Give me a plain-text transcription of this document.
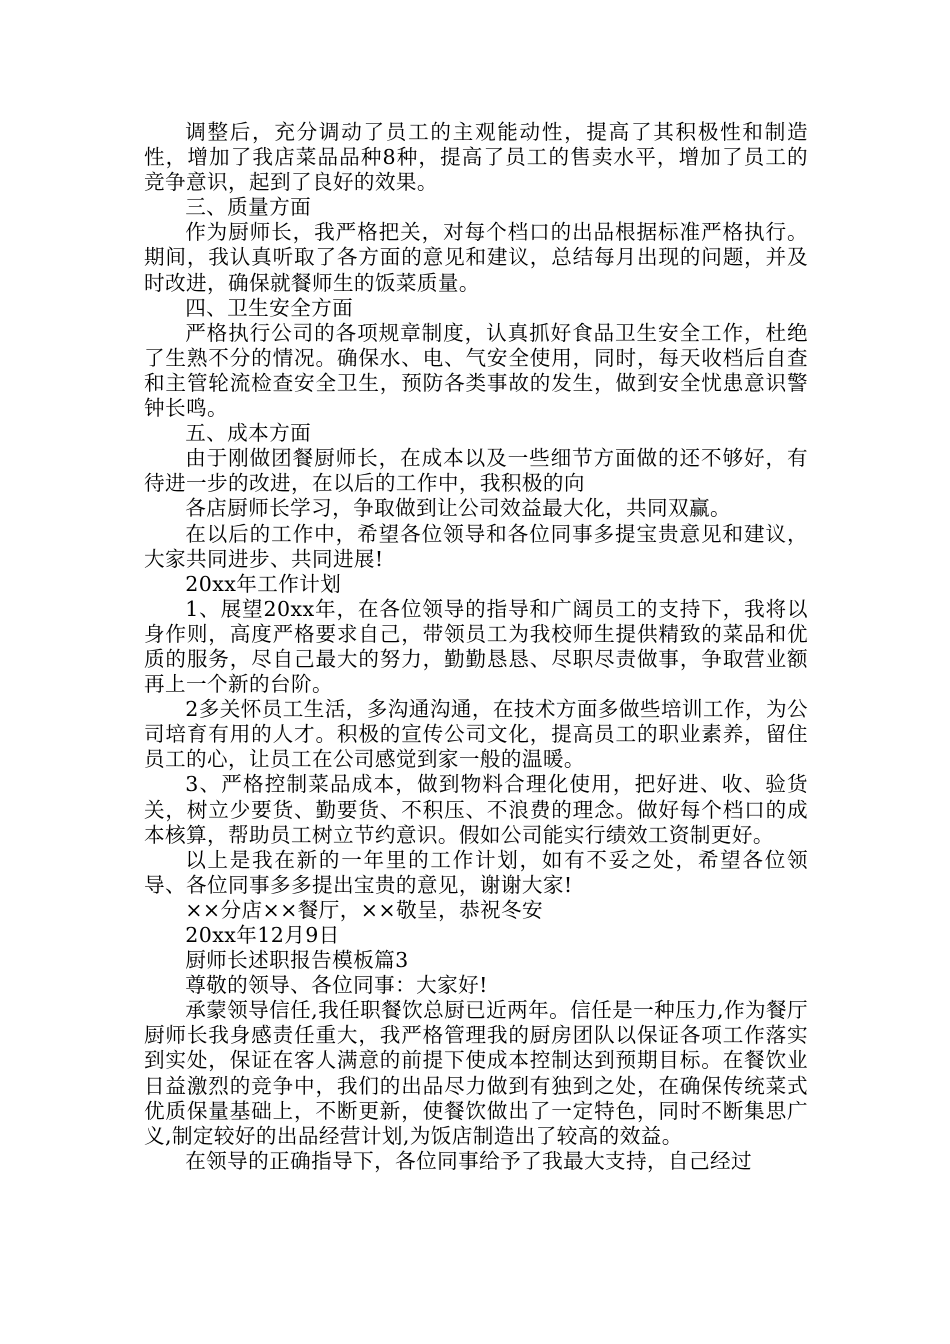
调整后，充分调动了员工的主观能动性，提高了其积极性和制造性，增加了我店菜品品种8种，提高了员工的售卖水平，增加了员工的竞争意识，起到了良好的效果。

三、质量方面

作为厨师长，我严格把关，对每个档口的出品根据标准严格执行。期间，我认真听取了各方面的意见和建议，总结每月出现的问题，并及时改进，确保就餐师生的饭菜质量。

四、卫生安全方面

严格执行公司的各项规章制度，认真抓好食品卫生安全工作，杜绝了生熟不分的情况。确保水、电、气安全使用，同时，每天收档后自查和主管轮流检查安全卫生，预防各类事故的发生，做到安全忧患意识警钟长鸣。

五、成本方面

由于刚做团餐厨师长，在成本以及一些细节方面做的还不够好，有待进一步的改进，在以后的工作中，我积极的向

各店厨师长学习，争取做到让公司效益最大化，共同双赢。

在以后的工作中，希望各位领导和各位同事多提宝贵意见和建议，大家共同进步、共同进展!

20xx年工作计划

1、展望20xx年，在各位领导的指导和广阔员工的支持下，我将以身作则，高度严格要求自己，带领员工为我校师生提供精致的菜品和优质的服务，尽自己最大的努力，勤勤恳恳、尽职尽责做事，争取营业额再上一个新的台阶。

2多关怀员工生活，多沟通沟通，在技术方面多做些培训工作，为公司培育有用的人才。积极的宣传公司文化，提高员工的职业素养，留住员工的心，让员工在公司感觉到家一般的温暖。

3、严格控制菜品成本，做到物料合理化使用，把好进、收、验货关，树立少要货、勤要货、不积压、不浪费的理念。做好每个档口的成本核算，帮助员工树立节约意识。假如公司能实行绩效工资制更好。

以上是我在新的一年里的工作计划，如有不妥之处，希望各位领导、各位同事多多提出宝贵的意见，谢谢大家!

××分店××餐厅，××敬呈，恭祝冬安

20xx年12月9日

厨师长述职报告模板篇3

尊敬的领导、各位同事：大家好!

承蒙领导信任,我任职餐饮总厨已近两年。信任是一种压力,作为餐厅厨师长我身感责任重大，我严格管理我的厨房团队以保证各项工作落实到实处，保证在客人满意的前提下使成本控制达到预期目标。在餐饮业日益激烈的竞争中，我们的出品尽力做到有独到之处，在确保传统菜式优质保量基础上，不断更新，使餐饮做出了一定特色，同时不断集思广义,制定较好的出品经营计划,为饭店制造出了较高的效益。

在领导的正确指导下，各位同事给予了我最大支持，自己经过
